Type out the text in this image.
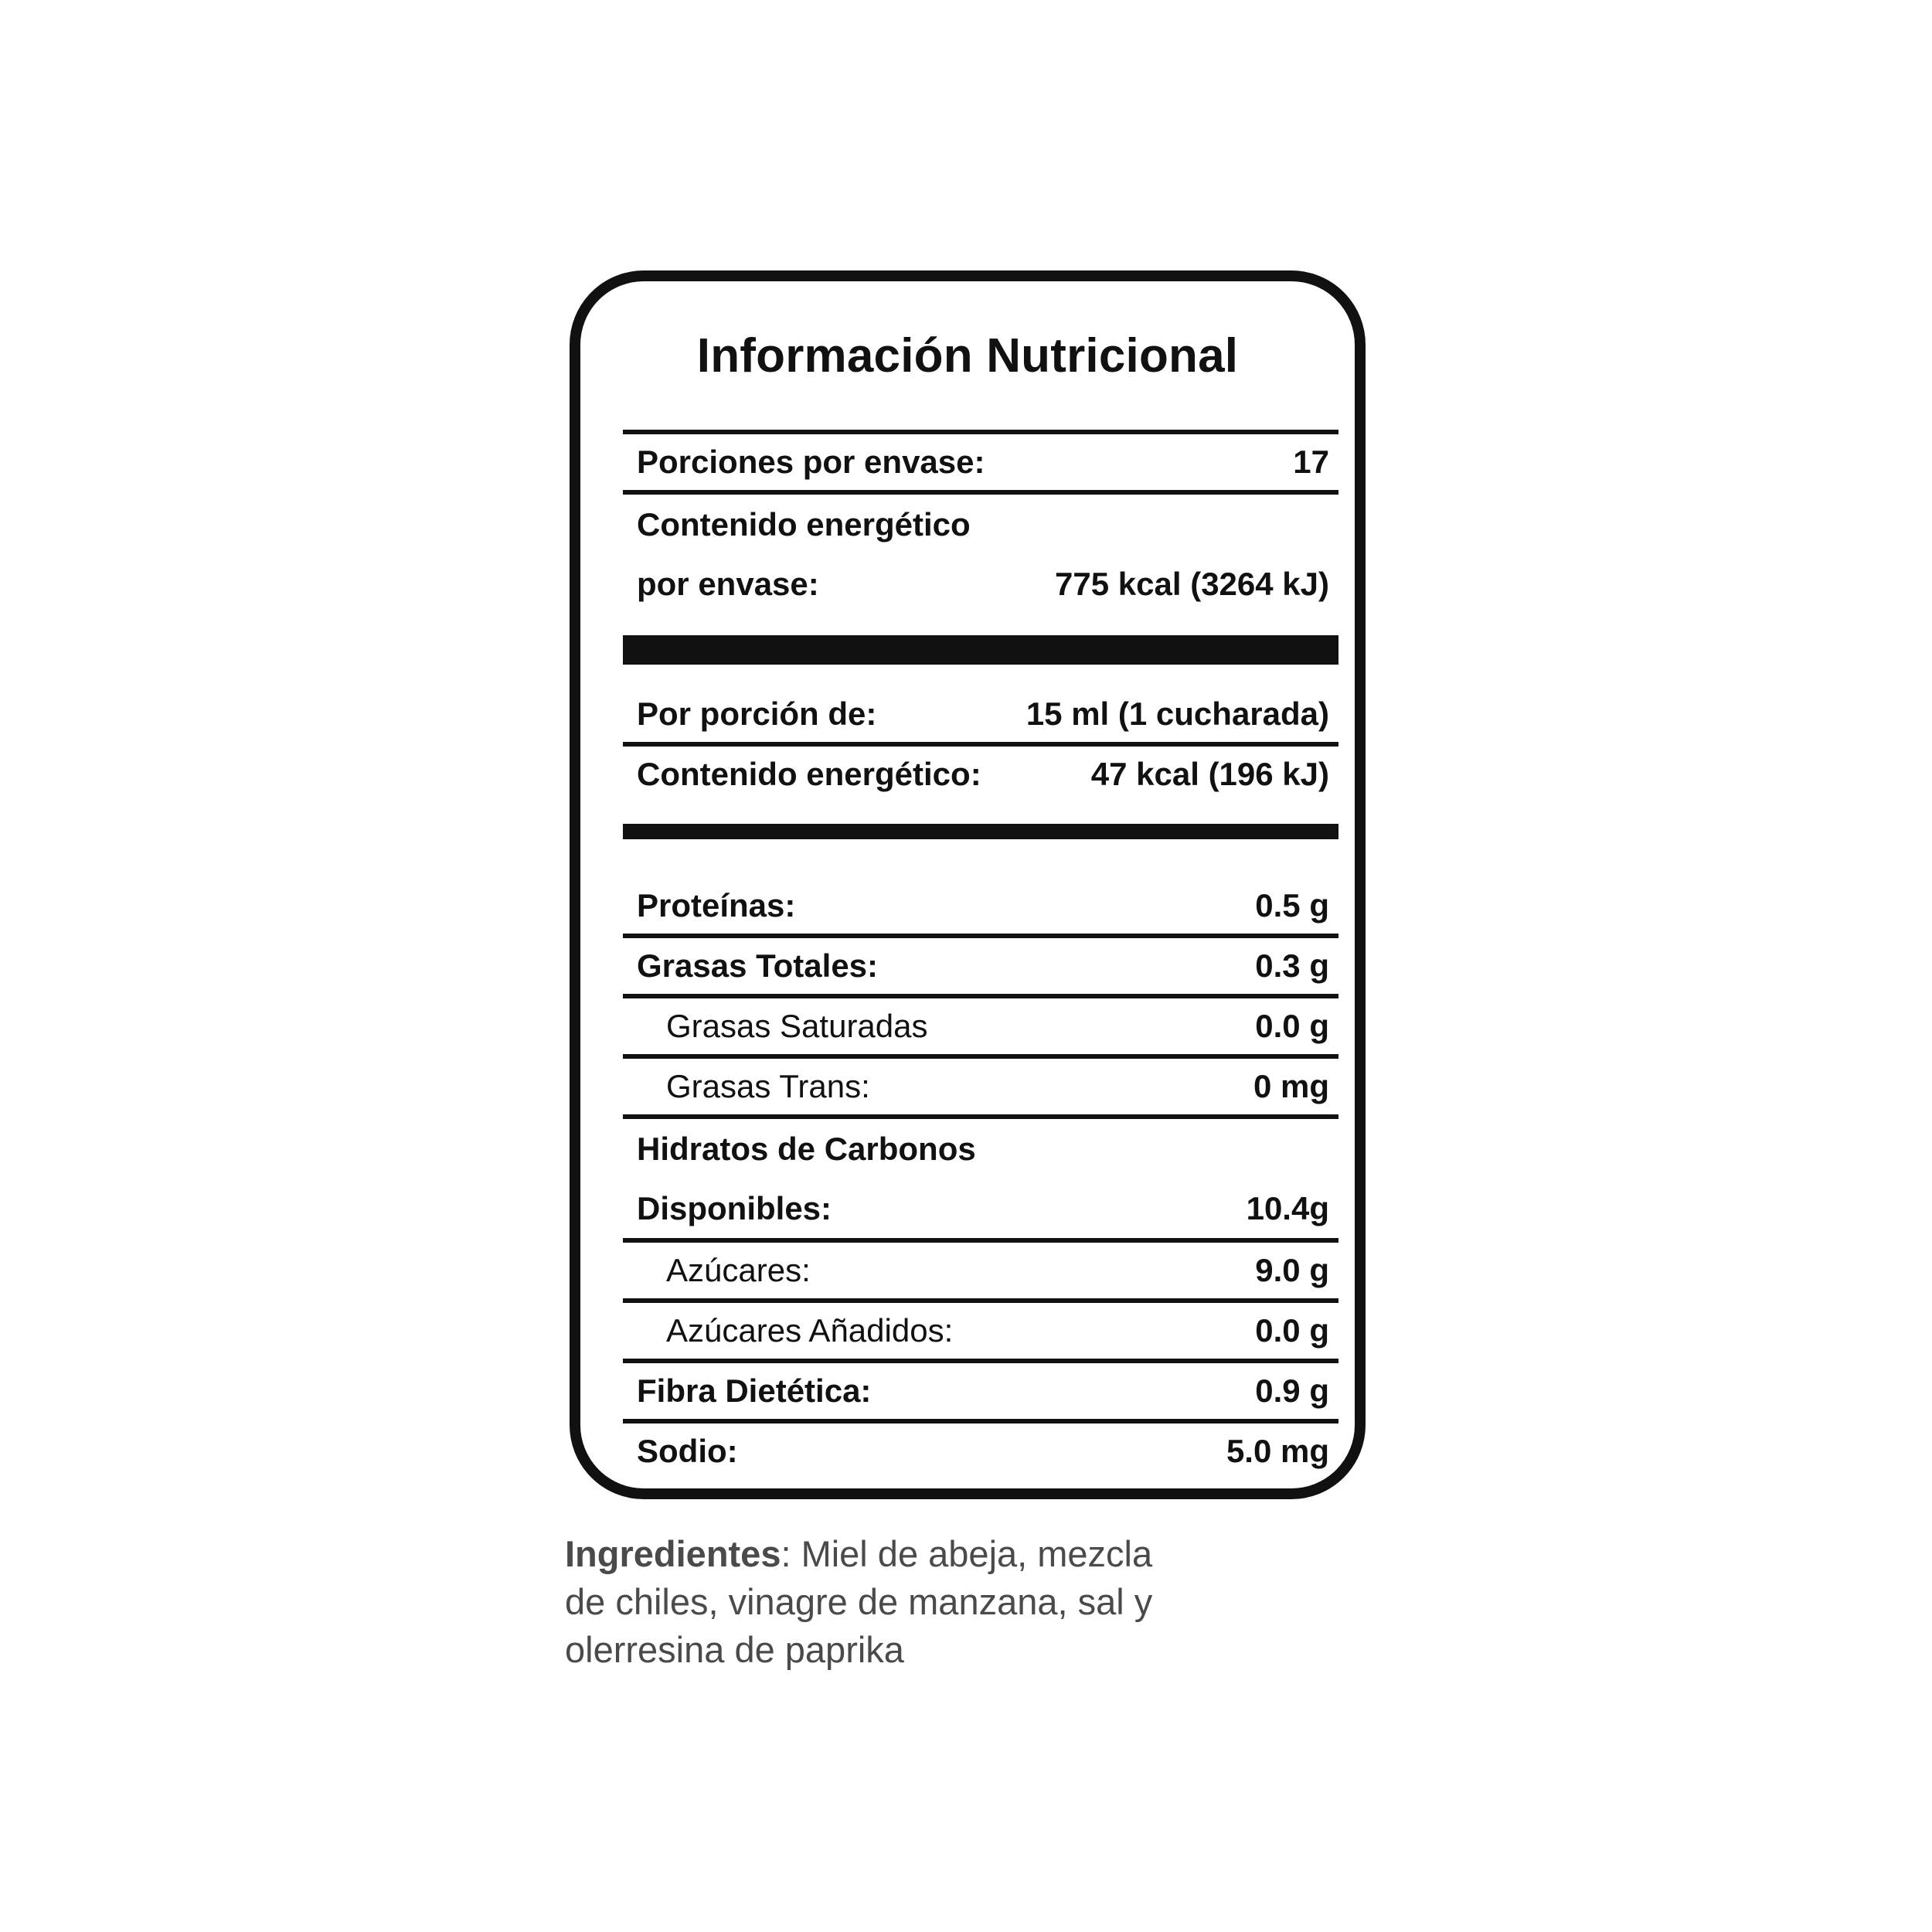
Información Nutricional
Porciones por envase:	17
Contenido energético
por envase:	775 kcal (3264 kJ)
Por porción de:	15 ml (1 cucharada)
Contenido energético:	47 kcal (196 kJ)
Proteínas:	0.5 g
Grasas Totales:	0.3 g
Grasas Saturadas	0.0 g
Grasas Trans:	0 mg
Hidratos de Carbonos
Disponibles:	10.4g
Azúcares:	9.0 g
Azúcares Añadidos:	0.0 g
Fibra Dietética:	0.9 g
Sodio:	5.0 mg
Ingredientes: Miel de abeja, mezcla
de chiles, vinagre de manzana, sal y
olerresina de paprika
